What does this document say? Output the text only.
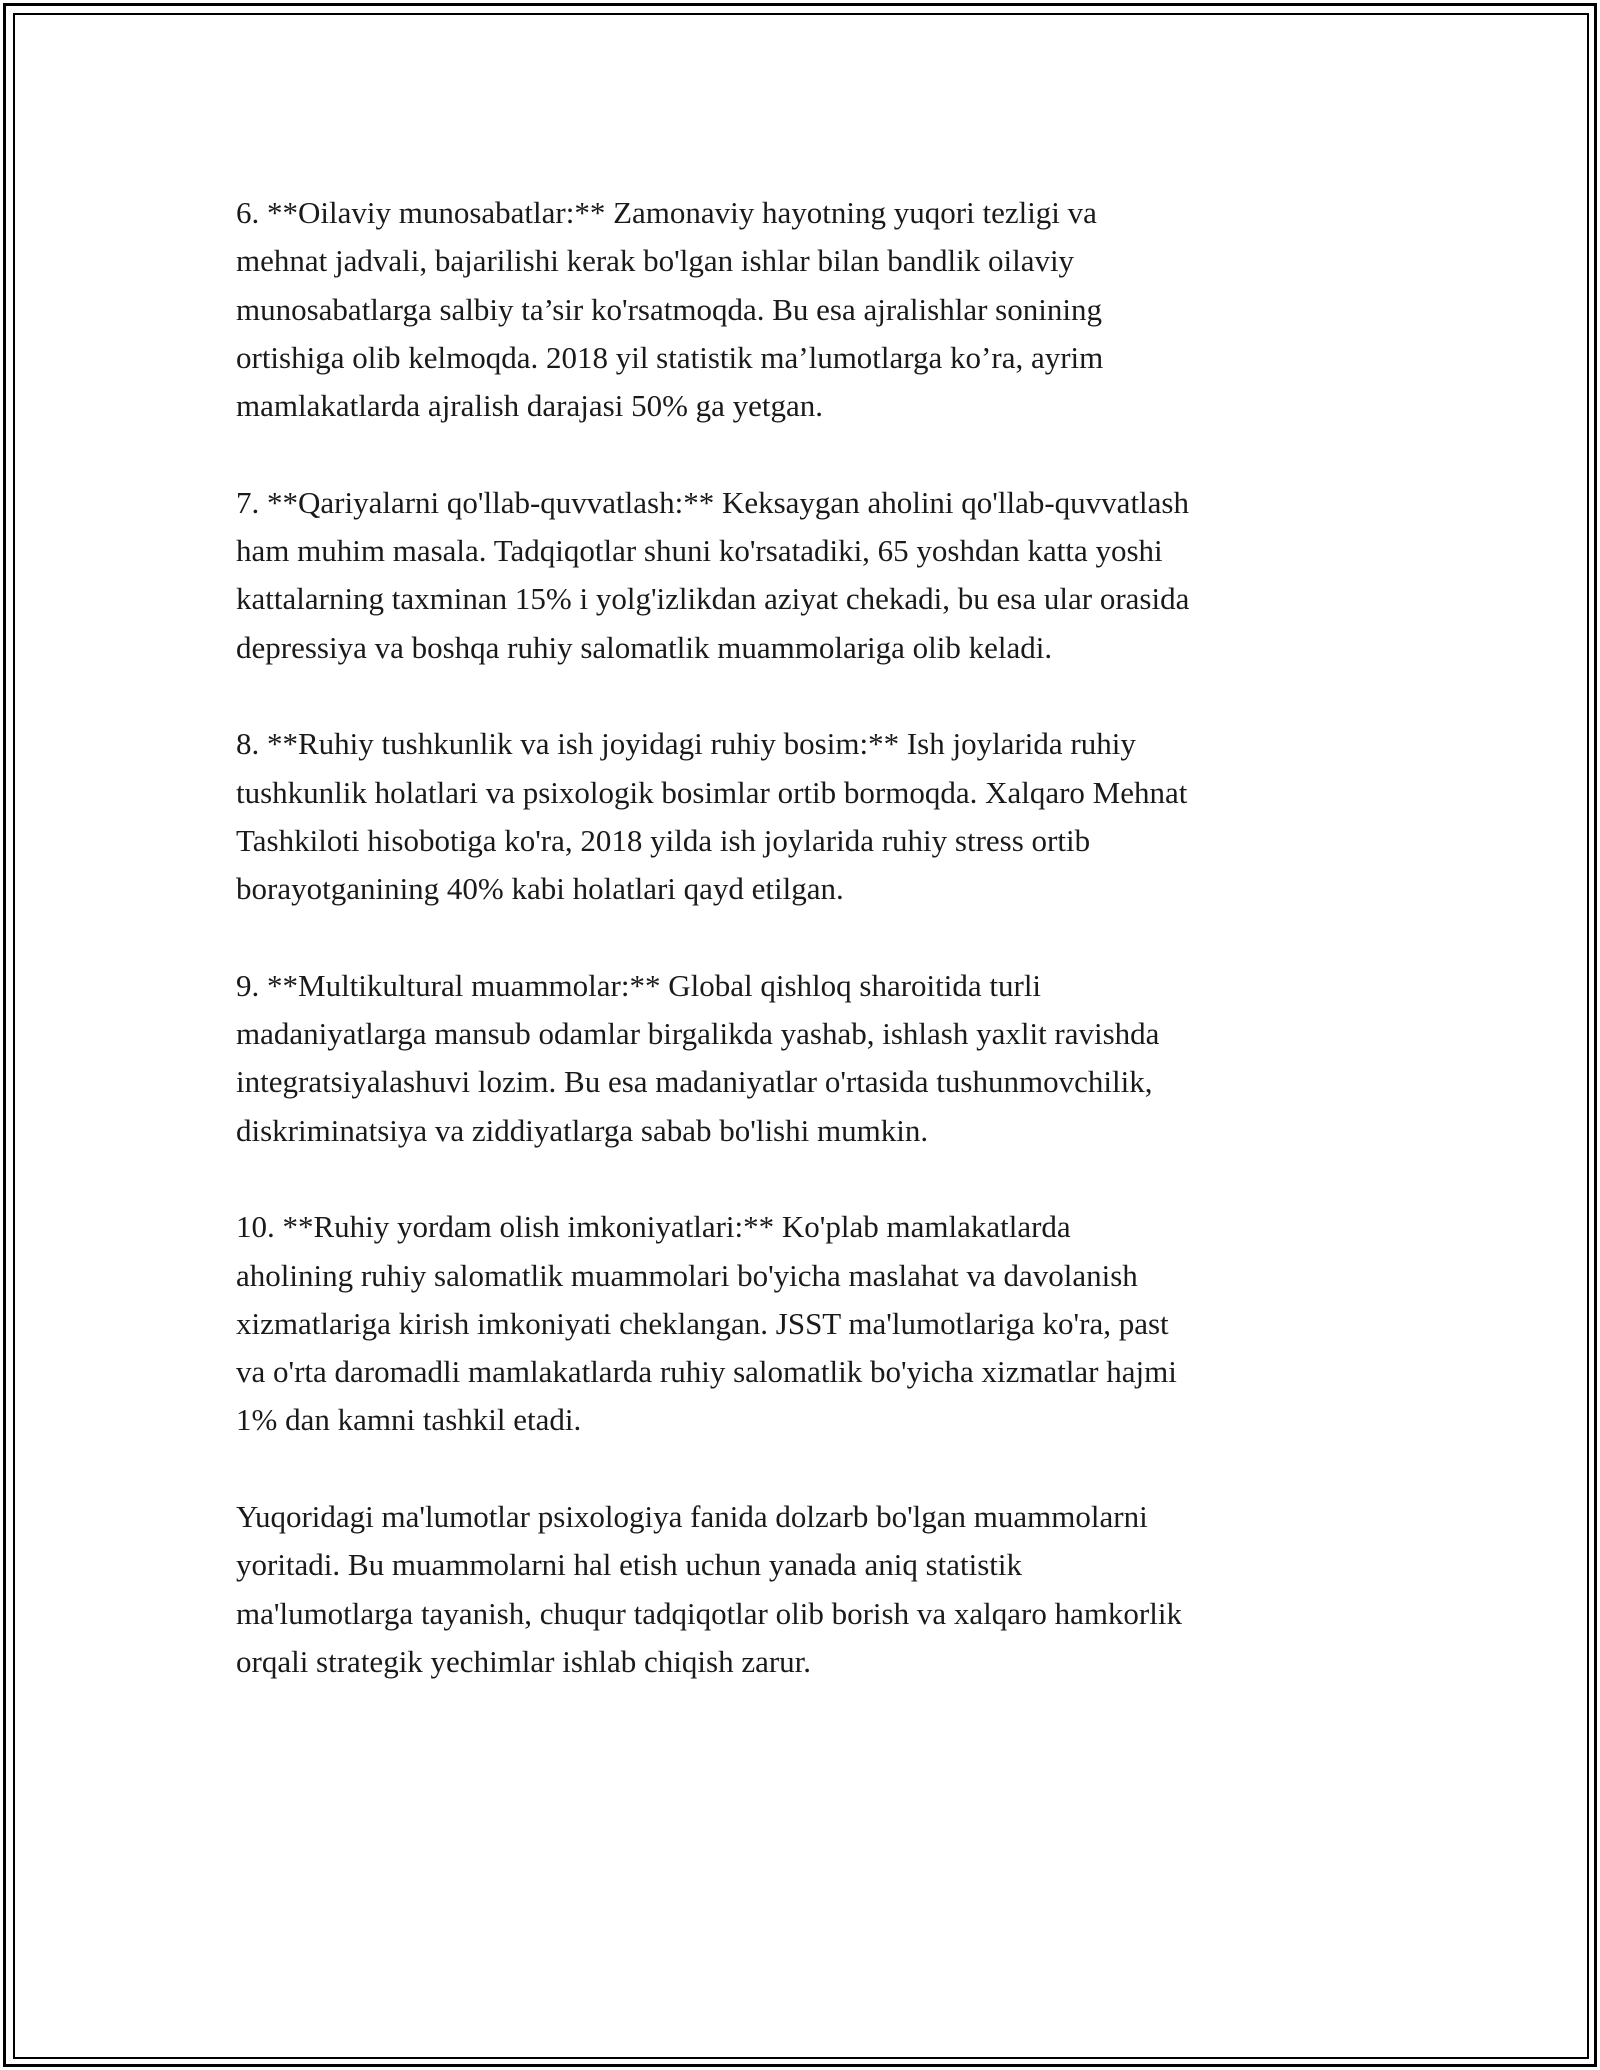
6. **Oilaviy munosabatlar:** Zamonaviy hayotning yuqori tezligi va
mehnat jadvali, bajarilishi kerak bo'lgan ishlar bilan bandlik oilaviy
munosabatlarga salbiy ta’sir ko'rsatmoqda. Bu esa ajralishlar sonining
ortishiga olib kelmoqda. 2018 yil statistik ma’lumotlarga ko’ra, ayrim
mamlakatlarda ajralish darajasi 50% ga yetgan.

7. **Qariyalarni qo'llab-quvvatlash:** Keksaygan aholini qo'llab-quvvatlash
ham muhim masala. Tadqiqotlar shuni ko'rsatadiki, 65 yoshdan katta yoshi
kattalarning taxminan 15% i yolg'izlikdan aziyat chekadi, bu esa ular orasida
depressiya va boshqa ruhiy salomatlik muammolariga olib keladi.

8. **Ruhiy tushkunlik va ish joyidagi ruhiy bosim:** Ish joylarida ruhiy
tushkunlik holatlari va psixologik bosimlar ortib bormoqda. Xalqaro Mehnat
Tashkiloti hisobotiga ko'ra, 2018 yilda ish joylarida ruhiy stress ortib
borayotganining 40% kabi holatlari qayd etilgan.

9. **Multikultural muammolar:** Global qishloq sharoitida turli
madaniyatlarga mansub odamlar birgalikda yashab, ishlash yaxlit ravishda
integratsiyalashuvi lozim. Bu esa madaniyatlar o'rtasida tushunmovchilik,
diskriminatsiya va ziddiyatlarga sabab bo'lishi mumkin.

10. **Ruhiy yordam olish imkoniyatlari:** Ko'plab mamlakatlarda
aholining ruhiy salomatlik muammolari bo'yicha maslahat va davolanish
xizmatlariga kirish imkoniyati cheklangan. JSST ma'lumotlariga ko'ra, past
va o'rta daromadli mamlakatlarda ruhiy salomatlik bo'yicha xizmatlar hajmi
1% dan kamni tashkil etadi.

Yuqoridagi ma'lumotlar psixologiya fanida dolzarb bo'lgan muammolarni
yoritadi. Bu muammolarni hal etish uchun yanada aniq statistik
ma'lumotlarga tayanish, chuqur tadqiqotlar olib borish va xalqaro hamkorlik
orqali strategik yechimlar ishlab chiqish zarur.
